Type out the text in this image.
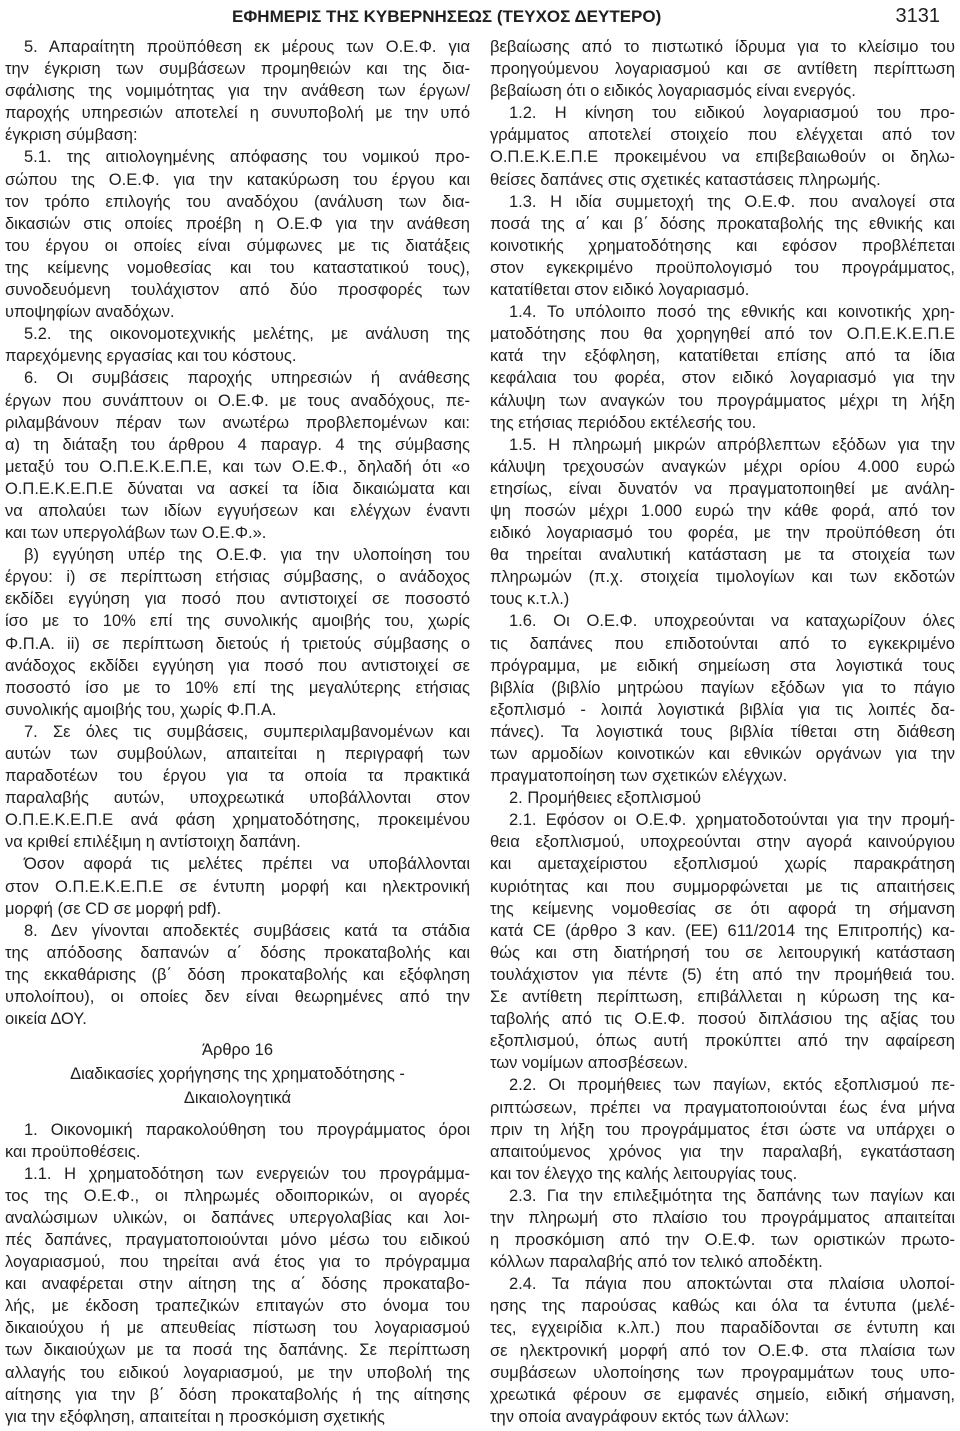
ΕΦΗΜΕΡΙΣ ΤΗΣ ΚΥΒΕΡΝΗΣΕΩΣ (ΤΕΥΧΟΣ ΔΕΥΤΕΡΟ)	3131
5. Απαραίτητη προϋπόθεση εκ μέρους των Ο.Ε.Φ. για
την έγκριση των συμβάσεων προμηθειών και της δια-
σφάλισης της νομιμότητας για την ανάθεση των έργων/
παροχής υπηρεσιών αποτελεί η συνυποβολή με την υπό
έγκριση σύμβαση:
5.1. της αιτιολογημένης απόφασης του νομικού προ-
σώπου της Ο.Ε.Φ. για την κατακύρωση του έργου και
τον τρόπο επιλογής του αναδόχου (ανάλυση των δια-
δικασιών στις οποίες προέβη η Ο.Ε.Φ για την ανάθεση
του έργου οι οποίες είναι σύμφωνες με τις διατάξεις
της κείμενης νομοθεσίας και του καταστατικού τους),
συνοδευόμενη τουλάχιστον από δύο προσφορές των
υποψηφίων αναδόχων.
5.2. της οικονομοτεχνικής μελέτης, με ανάλυση της
παρεχόμενης εργασίας και του κόστους.
6. Οι συμβάσεις παροχής υπηρεσιών ή ανάθεσης
έργων που συνάπτουν οι Ο.Ε.Φ. με τους αναδόχους, πε-
ριλαμβάνουν πέραν των ανωτέρω προβλεπομένων και:
α) τη διάταξη του άρθρου 4 παραγρ. 4 της σύμβασης
μεταξύ του Ο.Π.Ε.Κ.Ε.Π.Ε, και των Ο.Ε.Φ., δηλαδή ότι «ο
Ο.Π.Ε.Κ.Ε.Π.Ε δύναται να ασκεί τα ίδια δικαιώματα και
να απολαύει των ιδίων εγγυήσεων και ελέγχων έναντι
και των υπεργολάβων των Ο.Ε.Φ.».
β) εγγύηση υπέρ της Ο.Ε.Φ. για την υλοποίηση του
έργου: i) σε περίπτωση ετήσιας σύμβασης, ο ανάδοχος
εκδίδει εγγύηση για ποσό που αντιστοιχεί σε ποσοστό
ίσο με το 10% επί της συνολικής αμοιβής του, χωρίς
Φ.Π.Α. ii) σε περίπτωση διετούς ή τριετούς σύμβασης ο
ανάδοχος εκδίδει εγγύηση για ποσό που αντιστοιχεί σε
ποσοστό ίσο με το 10% επί της μεγαλύτερης ετήσιας
συνολικής αμοιβής του, χωρίς Φ.Π.Α.
7. Σε όλες τις συμβάσεις, συμπεριλαμβανομένων και
αυτών των συμβούλων, απαιτείται η περιγραφή των
παραδοτέων του έργου για τα οποία τα πρακτικά
παραλαβής αυτών, υποχρεωτικά υποβάλλονται στον
Ο.Π.Ε.Κ.Ε.Π.Ε ανά φάση χρηματοδότησης, προκειμένου
να κριθεί επιλέξιμη η αντίστοιχη δαπάνη.
Όσον αφορά τις μελέτες πρέπει να υποβάλλονται
στον Ο.Π.Ε.Κ.Ε.Π.Ε σε έντυπη μορφή και ηλεκτρονική
μορφή (σε CD σε μορφή pdf).
8. Δεν γίνονται αποδεκτές συμβάσεις κατά τα στάδια
της απόδοσης δαπανών α΄ δόσης προκαταβολής και
της εκκαθάρισης (β΄ δόση προκαταβολής και εξόφληση
υπολοίπου), οι οποίες δεν είναι θεωρημένες από την
οικεία ΔΟΥ.
Άρθρο 16
Διαδικασίες χορήγησης της χρηματοδότησης -
Δικαιολογητικά
1. Οικονομική παρακολούθηση του προγράμματος όροι
και προϋποθέσεις.
1.1. Η χρηματοδότηση των ενεργειών του προγράμμα-
τος της Ο.Ε.Φ., οι πληρωμές οδοιπορικών, οι αγορές
αναλώσιμων υλικών, οι δαπάνες υπεργολαβίας και λοι-
πές δαπάνες, πραγματοποιούνται μόνο μέσω του ειδικού
λογαριασμού, που τηρείται ανά έτος για το πρόγραμμα
και αναφέρεται στην αίτηση της α΄ δόσης προκαταβο-
λής, με έκδοση τραπεζικών επιταγών στο όνομα του
δικαιούχου ή με απευθείας πίστωση του λογαριασμού
των δικαιούχων με τα ποσά της δαπάνης. Σε περίπτωση
αλλαγής του ειδικού λογαριασμού, με την υποβολή της
αίτησης για την β΄ δόση προκαταβολής ή της αίτησης
για την εξόφληση, απαιτείται η προσκόμιση σχετικής
βεβαίωσης από το πιστωτικό ίδρυμα για το κλείσιμο του
προηγούμενου λογαριασμού και σε αντίθετη περίπτωση
βεβαίωση ότι ο ειδικός λογαριασμός είναι ενεργός.
1.2. Η κίνηση του ειδικού λογαριασμού του προ-
γράμματος αποτελεί στοιχείο που ελέγχεται από τον
Ο.Π.Ε.Κ.Ε.Π.Ε προκειμένου να επιβεβαιωθούν οι δηλω-
θείσες δαπάνες στις σχετικές καταστάσεις πληρωμής.
1.3. Η ιδία συμμετοχή της Ο.Ε.Φ. που αναλογεί στα
ποσά της α΄ και β΄ δόσης προκαταβολής της εθνικής και
κοινοτικής χρηματοδότησης και εφόσον προβλέπεται
στον εγκεκριμένο προϋπολογισμό του προγράμματος,
κατατίθεται στον ειδικό λογαριασμό.
1.4. Το υπόλοιπο ποσό της εθνικής και κοινοτικής χρη-
ματοδότησης που θα χορηγηθεί από τον Ο.Π.Ε.Κ.Ε.Π.Ε
κατά την εξόφληση, κατατίθεται επίσης από τα ίδια
κεφάλαια του φορέα, στον ειδικό λογαριασμό για την
κάλυψη των αναγκών του προγράμματος μέχρι τη λήξη
της ετήσιας περιόδου εκτέλεσής του.
1.5. Η πληρωμή μικρών απρόβλεπτων εξόδων για την
κάλυψη τρεχουσών αναγκών μέχρι ορίου 4.000 ευρώ
ετησίως, είναι δυνατόν να πραγματοποιηθεί με ανάλη-
ψη ποσών μέχρι 1.000 ευρώ την κάθε φορά, από τον
ειδικό λογαριασμό του φορέα, με την προϋπόθεση ότι
θα τηρείται αναλυτική κατάσταση με τα στοιχεία των
πληρωμών (π.χ. στοιχεία τιμολογίων και των εκδοτών
τους κ.τ.λ.)
1.6. Οι Ο.Ε.Φ. υποχρεούνται να καταχωρίζουν όλες
τις δαπάνες που επιδοτούνται από το εγκεκριμένο
πρόγραμμα, με ειδική σημείωση στα λογιστικά τους
βιβλία (βιβλίο μητρώου παγίων εξόδων για το πάγιο
εξοπλισμό - λοιπά λογιστικά βιβλία για τις λοιπές δα-
πάνες). Τα λογιστικά τους βιβλία τίθεται στη διάθεση
των αρμοδίων κοινοτικών και εθνικών οργάνων για την
πραγματοποίηση των σχετικών ελέγχων.
2. Προμήθειες εξοπλισμού
2.1. Εφόσον οι Ο.Ε.Φ. χρηματοδοτούνται για την προμή-
θεια εξοπλισμού, υποχρεούνται στην αγορά καινούργιου
και αμεταχείριστου εξοπλισμού χωρίς παρακράτηση
κυριότητας και που συμμορφώνεται με τις απαιτήσεις
της κείμενης νομοθεσίας σε ότι αφορά τη σήμανση
κατά CE (άρθρο 3 καν. (ΕΕ) 611/2014 της Επιτροπής) κα-
θώς και στη διατήρησή του σε λειτουργική κατάσταση
τουλάχιστον για πέντε (5) έτη από την προμήθειά του.
Σε αντίθετη περίπτωση, επιβάλλεται η κύρωση της κα-
ταβολής από τις Ο.Ε.Φ. ποσού διπλάσιου της αξίας του
εξοπλισμού, όπως αυτή προκύπτει από την αφαίρεση
των νομίμων αποσβέσεων.
2.2. Οι προμήθειες των παγίων, εκτός εξοπλισμού πε-
ριπτώσεων, πρέπει να πραγματοποιούνται έως ένα μήνα
πριν τη λήξη του προγράμματος έτσι ώστε να υπάρχει ο
απαιτούμενος χρόνος για την παραλαβή, εγκατάσταση
και τον έλεγχο της καλής λειτουργίας τους.
2.3. Για την επιλεξιμότητα της δαπάνης των παγίων και
την πληρωμή στο πλαίσιο του προγράμματος απαιτείται
η προσκόμιση από την Ο.Ε.Φ. των οριστικών πρωτο-
κόλλων παραλαβής από τον τελικό αποδέκτη.
2.4. Τα πάγια που αποκτώνται στα πλαίσια υλοποί-
ησης της παρούσας καθώς και όλα τα έντυπα (μελέ-
τες, εγχειρίδια κ.λπ.) που παραδίδονται σε έντυπη και
σε ηλεκτρονική μορφή από τον Ο.Ε.Φ. στα πλαίσια των
συμβάσεων υλοποίησης των προγραμμάτων τους υπο-
χρεωτικά φέρουν σε εμφανές σημείο, ειδική σήμανση,
την οποία αναγράφουν εκτός των άλλων:
